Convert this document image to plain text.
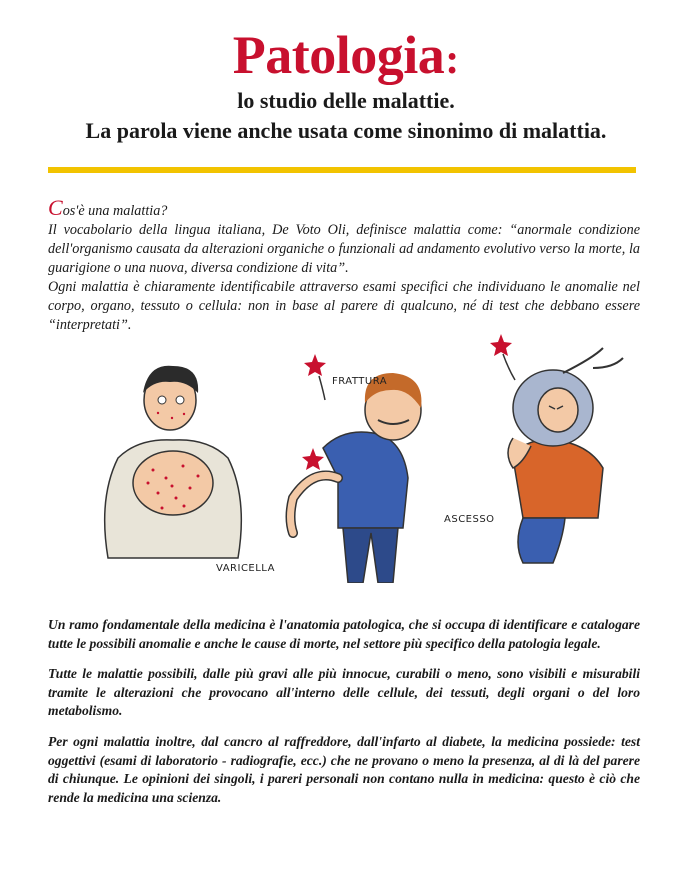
Patologia:
lo studio delle malattie.
La parola viene anche usata come sinonimo di malattia.

Cos'è una malattia?

Il vocabolario della lingua italiana, De Voto Oli, definisce malattia come: “anormale condizione dell'organismo causata da alterazioni organiche o funzionali ad andamento evolutivo verso la morte, la guarigione o una nuova, diversa condizione di vita”.

Ogni malattia è chiaramente identificabile attraverso esami specifici che individuano le anomalie nel corpo, organo, tessuto o cellula: non in base al parere di qualcuno, né di test che debbano essere “interpretati”.

VARICELLA
FRATTURA
ASCESSO

Un ramo fondamentale della medicina è l'anatomia patologica, che si occupa di identificare e catalogare tutte le possibili anomalie e anche le cause di morte, nel settore più specifico della patologia legale.

Tutte le malattie possibili, dalle più gravi alle più innocue, curabili o meno, sono visibili e misurabili tramite le alterazioni che provocano all'interno delle cellule, dei tessuti, degli organi o del loro metabolismo.

Per ogni malattia inoltre, dal cancro al raffreddore, dall'infarto al diabete, la medicina possiede: test oggettivi (esami di laboratorio - radiografie, ecc.) che ne provano o meno la presenza, al di là del parere di chiunque. Le opinioni dei singoli, i pareri personali non contano nulla in medicina: questo è ciò che rende la medicina una scienza.
